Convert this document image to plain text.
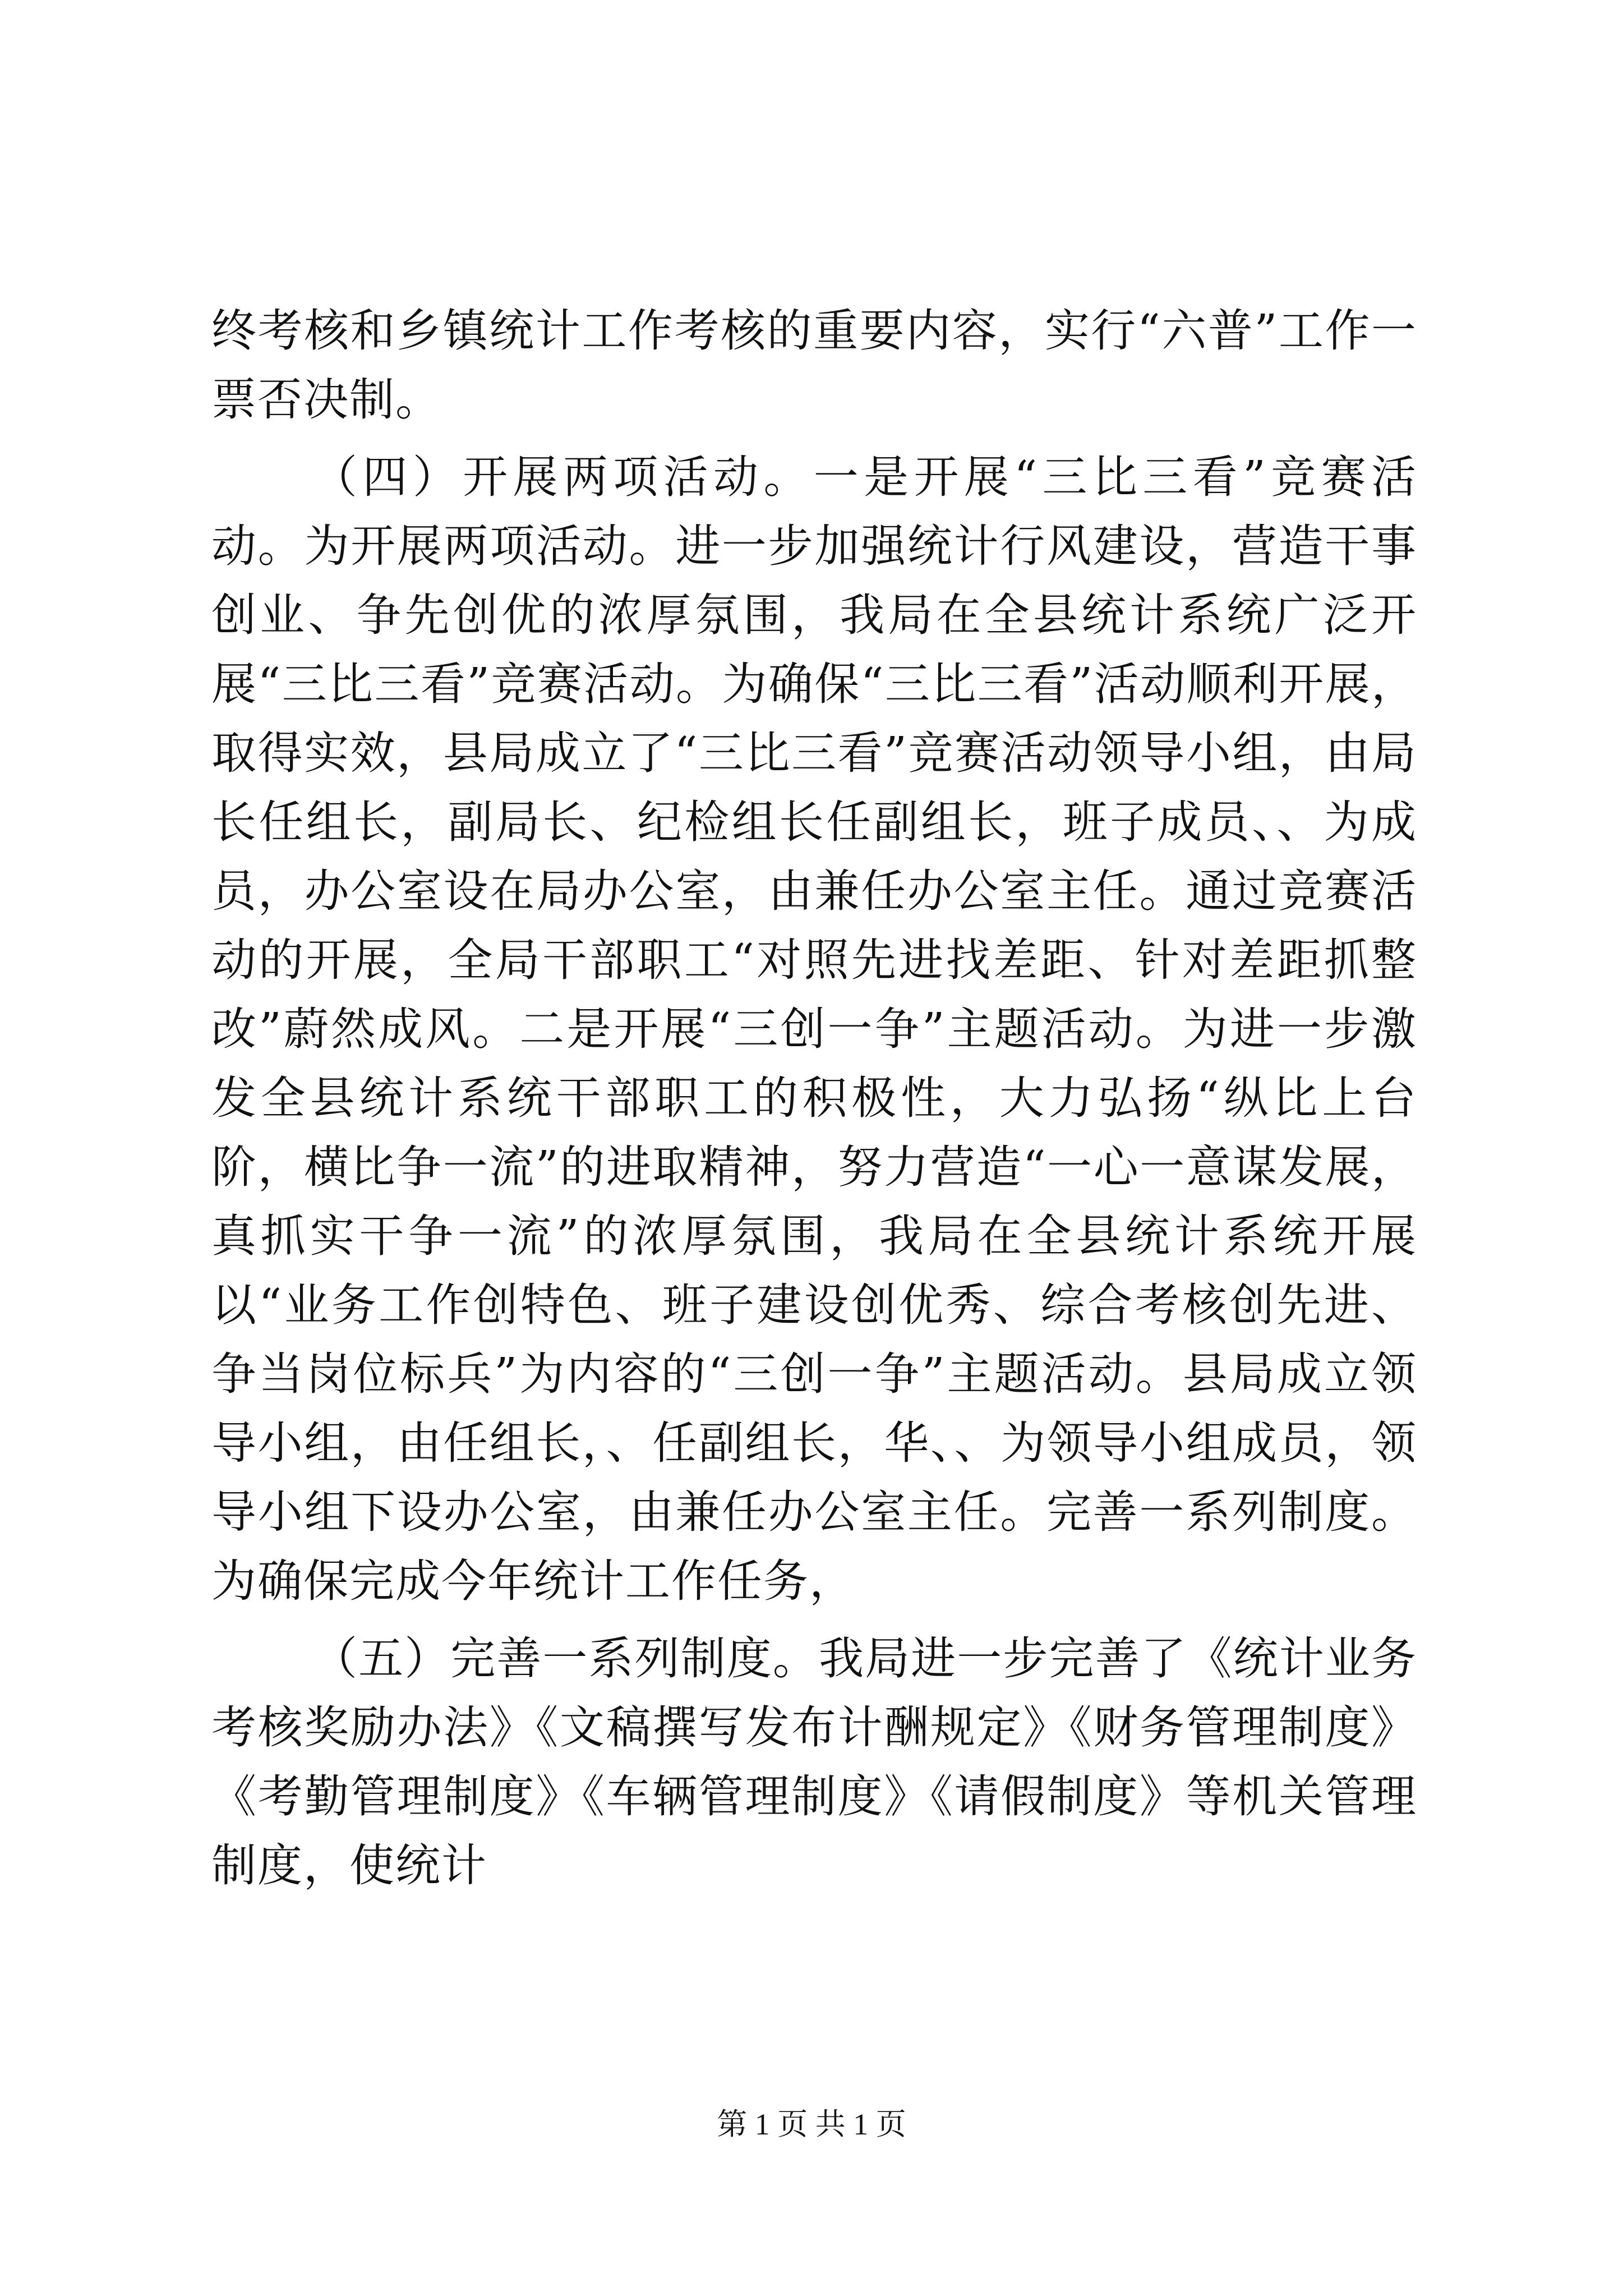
终考核和乡镇统计工作考核的重要内容，实行“六普”工作一票否决制。

（四）开展两项活动。一是开展“三比三看”竞赛活动。为开展两项活动。进一步加强统计行风建设，营造干事创业、争先创优的浓厚氛围，我局在全县统计系统广泛开展“三比三看”竞赛活动。为确保“三比三看”活动顺利开展，取得实效，县局成立了“三比三看”竞赛活动领导小组，由局长任组长，副局长、纪检组长任副组长，班子成员、、为成员，办公室设在局办公室，由兼任办公室主任。通过竞赛活动的开展，全局干部职工“对照先进找差距、针对差距抓整改”蔚然成风。二是开展“三创一争”主题活动。为进一步激发全县统计系统干部职工的积极性，大力弘扬“纵比上台阶，横比争一流”的进取精神，努力营造“一心一意谋发展，真抓实干争一流”的浓厚氛围，我局在全县统计系统开展以“业务工作创特色、班子建设创优秀、综合考核创先进、争当岗位标兵”为内容的“三创一争”主题活动。县局成立领导小组，由任组长，、任副组长，华、、为领导小组成员，领导小组下设办公室，由兼任办公室主任。完善一系列制度。为确保完成今年统计工作任务，

（五）完善一系列制度。我局进一步完善了《统计业务考核奖励办法》《文稿撰写发布计酬规定》《财务管理制度》《考勤管理制度》《车辆管理制度》《请假制度》等机关管理制度，使统计

第 1 页 共 1 页
